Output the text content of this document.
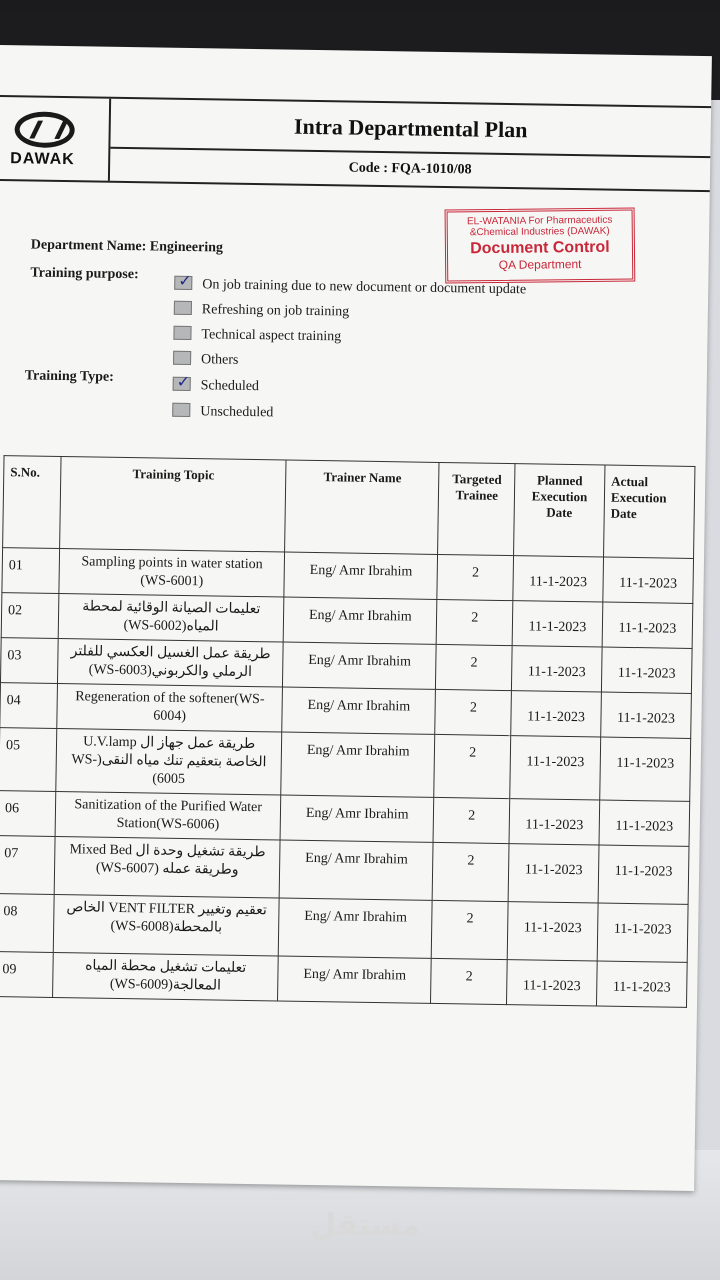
DAWAK
Intra Departmental Plan
Code : FQA-1010/08
EL-WATANIA For Pharmaceutics
&Chemical Industries (DAWAK)
Document Control
QA Department
Department Name: Engineering
Training purpose:
✓On job training due to new document or document update
Refreshing on job training
Technical aspect training
Others
Training Type:
✓Scheduled
Unscheduled
S.No.	Training Topic	Trainer Name	Targeted Trainee	Planned Execution Date	Actual Execution Date
01	Sampling points in water station (WS-6001)	Eng/ Amr Ibrahim	2	11-1-2023	11-1-2023
02	تعليمات الصيانة الوقائية لمحطة المياه(WS-6002)	Eng/ Amr Ibrahim	2	11-1-2023	11-1-2023
03	طريقة عمل الغسيل العكسي للفلتر الرملي والكربوني(WS-6003)	Eng/ Amr Ibrahim	2	11-1-2023	11-1-2023
04	Regeneration of the softener(WS-6004)	Eng/ Amr Ibrahim	2	11-1-2023	11-1-2023
05	طريقة عمل جهاز ال U.V.lamp الخاصة بتعقيم تنك مياه النقى(WS-6005)	Eng/ Amr Ibrahim	2	11-1-2023	11-1-2023
06	Sanitization of the Purified Water Station(WS-6006)	Eng/ Amr Ibrahim	2	11-1-2023	11-1-2023
07	طريقة تشغيل وحدة ال Mixed Bed وطريقة عمله (WS-6007)	Eng/ Amr Ibrahim	2	11-1-2023	11-1-2023
08	تعقيم وتغيير VENT FILTER الخاص بالمحطة(WS-6008)	Eng/ Amr Ibrahim	2	11-1-2023	11-1-2023
09	تعليمات تشغيل محطة المياه المعالجة(WS-6009)	Eng/ Amr Ibrahim	2	11-1-2023	11-1-2023
مستقل
mostaql.com
